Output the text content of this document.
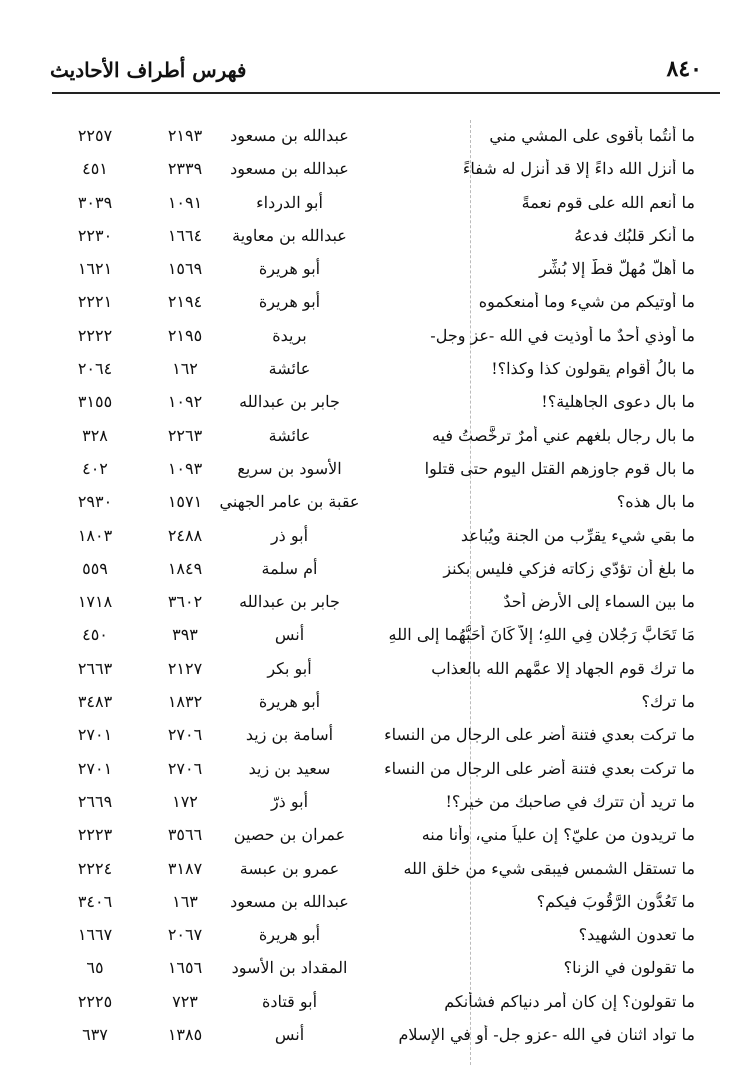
٨٤٠
فهرس أطراف الأحاديث
ما أنتُما بأقوى على المشي مني
عبدالله بن مسعود
٢١٩٣
٢٢٥٧
ما أنزل الله داءً إلا قد أنزل له شفاءً
عبدالله بن مسعود
٢٣٣٩
٤٥١
ما أنعم الله على قوم نعمةً
أبو الدرداء
١٠٩١
٣٠٣٩
ما أنكر قلبُك فدعهُ
عبدالله بن معاوية
١٦٦٤
٢٢٣٠
ما أهلَّ مُهلٌّ قطُّ إلا بُشِّر
أبو هريرة
١٥٦٩
١٦٢١
ما أُوتيكم من شيء وما أمنعكموه
أبو هريرة
٢١٩٤
٢٢٢١
ما أوذي أحدٌ ما أُوذيت في الله -عز وجل-
بريدة
٢١٩٥
٢٢٢٢
ما بالُ أقوام يقولون كذا وكذا؟!
عائشة
١٦٢
٢٠٦٤
ما بال دعوى الجاهلية؟!
جابر بن عبدالله
١٠٩٢
٣١٥٥
ما بال رجال بلغهم عني أمرٌ ترخَّصتُ فيه
عائشة
٢٢٦٣
٣٢٨
ما بال قوم جاوزهم القتل اليوم حتى قتلوا
الأسود بن سريع
١٠٩٣
٤٠٢
ما بال هذه؟
عقبة بن عامر الجهني
١٥٧١
٢٩٣٠
ما بقي شيء يقرِّب من الجنة ويُباعد
أبو ذر
٢٤٨٨
١٨٠٣
ما بلغ أن تؤدّي زكاته فزكي فليس بكنز
أم سلمة
١٨٤٩
٥٥٩
ما بين السماء إلى الأرض أحدٌ
جابر بن عبدالله
٣٦٠٢
١٧١٨
مَا تَحَابَّ رَجُلانِ فِي اللهِ؛ إلاَّ كَانَ أَحَبُّهُما إِلى اللهِ
أنس
٣٩٣
٤٥٠
ما ترك قوم الجهاد إلا عمَّهم الله بالعذاب
أبو بكر
٢١٢٧
٢٦٦٣
ما ترك؟
أبو هريرة
١٨٣٢
٣٤٨٣
ما تركت بعدي فتنة أضر على الرجال من النساء
أسامة بن زيد
٢٧٠٦
٢٧٠١
ما تركت بعدي فتنة أضر على الرجال من النساء
سعيد بن زيد
٢٧٠٦
٢٧٠١
ما تريد أن تترك في صاحبك من خير؟!
أبو ذرّ
١٧٢
٢٦٦٩
ما تريدون من عليّ؟ إن علياً مني، وأنا منه
عمران بن حصين
٣٥٦٦
٢٢٢٣
ما تستقل الشمس فيبقى شيء من خلق الله
عمرو بن عبسة
٣١٨٧
٢٢٢٤
ما تَعُدُّون الرَّقُوبَ فيكم؟
عبدالله بن مسعود
١٦٣
٣٤٠٦
ما تعدون الشهيد؟
أبو هريرة
٢٠٦٧
١٦٦٧
ما تقولون في الزنا؟
المقداد بن الأسود
١٦٥٦
٦٥
ما تقولون؟ إن كان أمر دنياكم فشأنكم
أبو قتادة
٧٢٣
٢٢٢٥
ما تواد اثنان في الله -عزو جل- أو في الإسلام
أنس
١٣٨٥
٦٣٧
